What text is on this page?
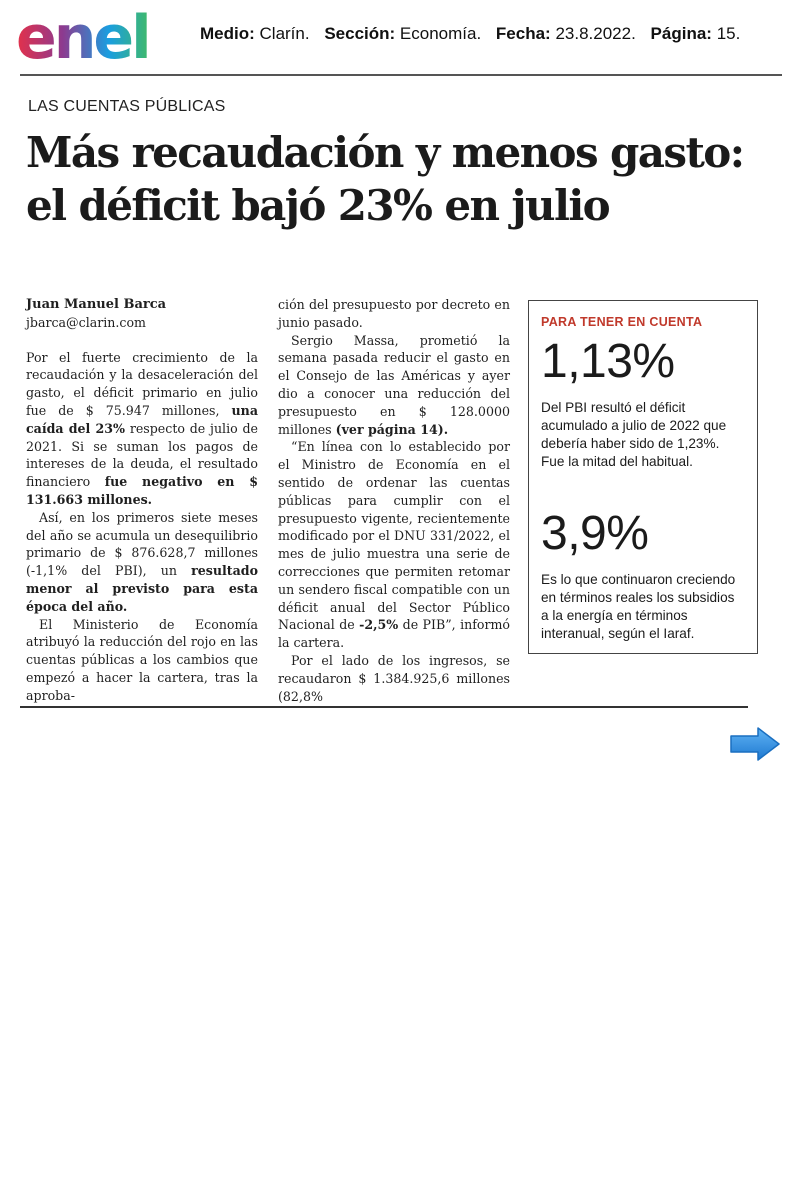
enel	Medio: Clarín. Sección: Economía. Fecha: 23.8.2022. Página: 15.
LAS CUENTAS PÚBLICAS
Más recaudación y menos gasto: el déficit bajó 23% en julio

Juan Manuel Barca

jbarca@clarin.com

Por el fuerte crecimiento de la recaudación y la desaceleración del gasto, el déficit primario en julio fue de $ 75.947 millones, una caída del 23% respecto de julio de 2021. Si se suman los pagos de intereses de la deuda, el resultado financiero fue negativo en $ 131.663 millones.

Así, en los primeros siete meses del año se acumula un desequilibrio primario de $ 876.628,7 millones (-1,1% del PBI), un resultado menor al previsto para esta época del año.

El Ministerio de Economía atribuyó la reducción del rojo en las cuentas públicas a los cambios que empezó a hacer la cartera, tras la aproba-

ción del presupuesto por decreto en junio pasado.

Sergio Massa, prometió la semana pasada reducir el gasto en el Consejo de las Américas y ayer dio a conocer una reducción del presupuesto en $ 128.0000 millones (ver página 14).

“En línea con lo establecido por el Ministro de Economía en el sentido de ordenar las cuentas públicas para cumplir con el presupuesto vigente, recientemente modificado por el DNU 331/2022, el mes de julio muestra una serie de correcciones que permiten retomar un sendero fiscal compatible con un déficit anual del Sector Público Nacional de -2,5% de PIB”, informó la cartera.

Por el lado de los ingresos, se recaudaron $ 1.384.925,6 millones (82,8%

PARA TENER EN CUENTA
1,13%
Del PBI resultó el déficit acumulado a julio de 2022 que debería haber sido de 1,23%. Fue la mitad del habitual.
3,9%
Es lo que continuaron creciendo en términos reales los subsidios a la energía en términos interanual, según el Iaraf.
